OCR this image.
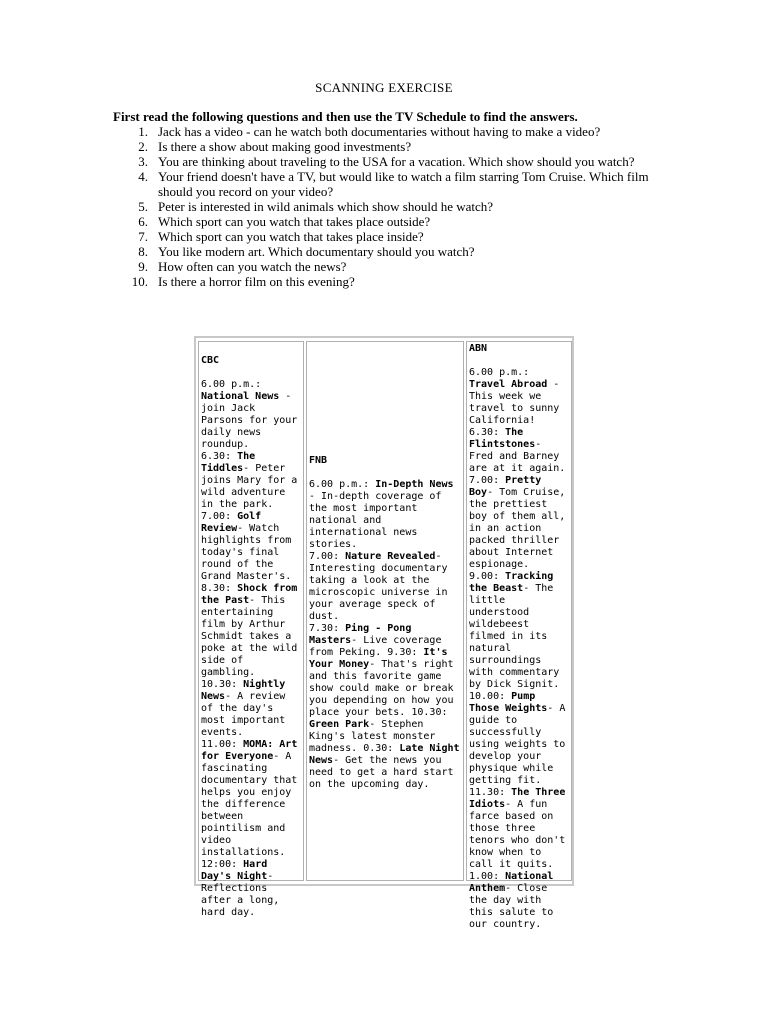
SCANNING EXERCISE
First read the following questions and then use the TV Schedule to find the answers.
1. Jack has a video - can he watch both documentaries without having to make a video?
2. Is there a show about making good investments?
3. You are thinking about traveling to the USA for a vacation. Which show should you watch?
4. Your friend doesn't have a TV, but would like to watch a film starring Tom Cruise. Which film should you record on your video?
5. Peter is interested in wild animals which show should he watch?
6. Which sport can you watch that takes place outside?
7. Which sport can you watch that takes place inside?
8. You like modern art. Which documentary should you watch?
9. How often can you watch the news?
10. Is there a horror film on this evening?
CBC
6.00 p.m.: National News - join Jack Parsons for your daily news roundup.
6.30: The Tiddles- Peter joins Mary for a wild adventure in the park.
7.00: Golf Review- Watch highlights from today's final round of the Grand Master's.
8.30: Shock from the Past- This entertaining film by Arthur Schmidt takes a poke at the wild side of gambling.
10.30: Nightly News- A review of the day's most important events.
11.00: MOMA: Art for Everyone- A fascinating documentary that helps you enjoy the difference between pointilism and video installations.
12:00: Hard Day's Night- Reflections after a long, hard day.
FNB
6.00 p.m.: In-Depth News - In-depth coverage of the most important national and international news stories.
7.00: Nature Revealed- Interesting documentary taking a look at the microscopic universe in your average speck of dust.
7.30: Ping - Pong Masters- Live coverage from Peking. 9.30: It's Your Money- That's right and this favorite game show could make or break you depending on how you place your bets. 10.30: Green Park- Stephen King's latest monster madness. 0.30: Late Night News- Get the news you need to get a hard start on the upcoming day.
ABN
6.00 p.m.: Travel Abroad - This week we travel to sunny California!
6.30: The Flintstones- Fred and Barney are at it again.
7.00: Pretty Boy- Tom Cruise, the prettiest boy of them all, in an action packed thriller about Internet espionage.
9.00: Tracking the Beast- The little understood wildebeest filmed in its natural surroundings with commentary by Dick Signit.
10.00: Pump Those Weights- A guide to successfully using weights to develop your physique while getting fit.
11.30: The Three Idiots- A fun farce based on those three tenors who don't know when to call it quits.
1.00: National Anthem- Close the day with this salute to our country.
